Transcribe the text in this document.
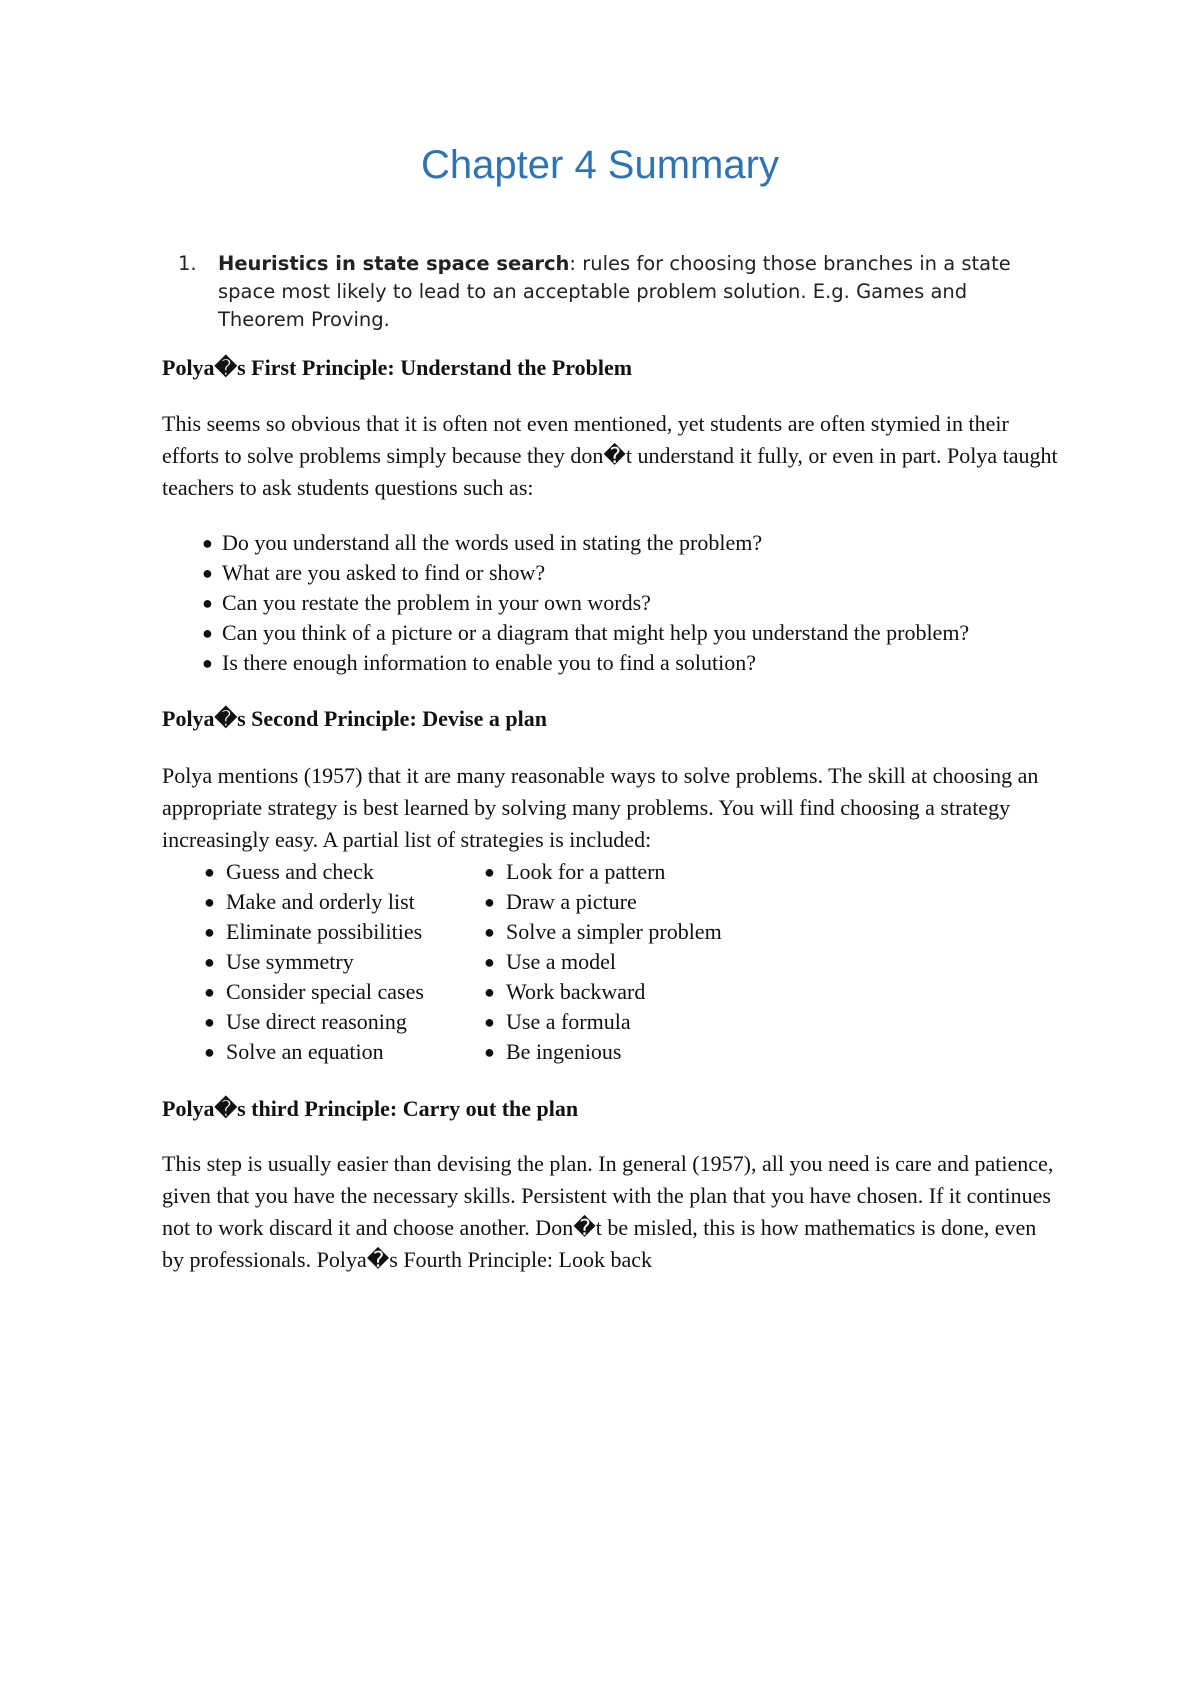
Chapter 4 Summary
1. Heuristics in state space search: rules for choosing those branches in a state space most likely to lead to an acceptable problem solution. E.g. Games and Theorem Proving.
Polya�s First Principle: Understand the Problem

This seems so obvious that it is often not even mentioned, yet students are often stymied in their efforts to solve problems simply because they don�t understand it fully, or even in part. Polya taught teachers to ask students questions such as:

● Do you understand all the words used in stating the problem?
● What are you asked to find or show?
● Can you restate the problem in your own words?
● Can you think of a picture or a diagram that might help you understand the problem?
● Is there enough information to enable you to find a solution?
Polya�s Second Principle: Devise a plan

Polya mentions (1957) that it are many reasonable ways to solve problems. The skill at choosing an appropriate strategy is best learned by solving many problems. You will find choosing a strategy increasingly easy. A partial list of strategies is included:

● Guess and check
● Make and orderly list
● Eliminate possibilities
● Use symmetry
● Consider special cases
● Use direct reasoning
● Solve an equation
● Look for a pattern
● Draw a picture
● Solve a simpler problem
● Use a model
● Work backward
● Use a formula
● Be ingenious
Polya�s third Principle: Carry out the plan

This step is usually easier than devising the plan. In general (1957), all you need is care and patience, given that you have the necessary skills. Persistent with the plan that you have chosen. If it continues not to work discard it and choose another. Don�t be misled, this is how mathematics is done, even by professionals. Polya�s Fourth Principle: Look back
